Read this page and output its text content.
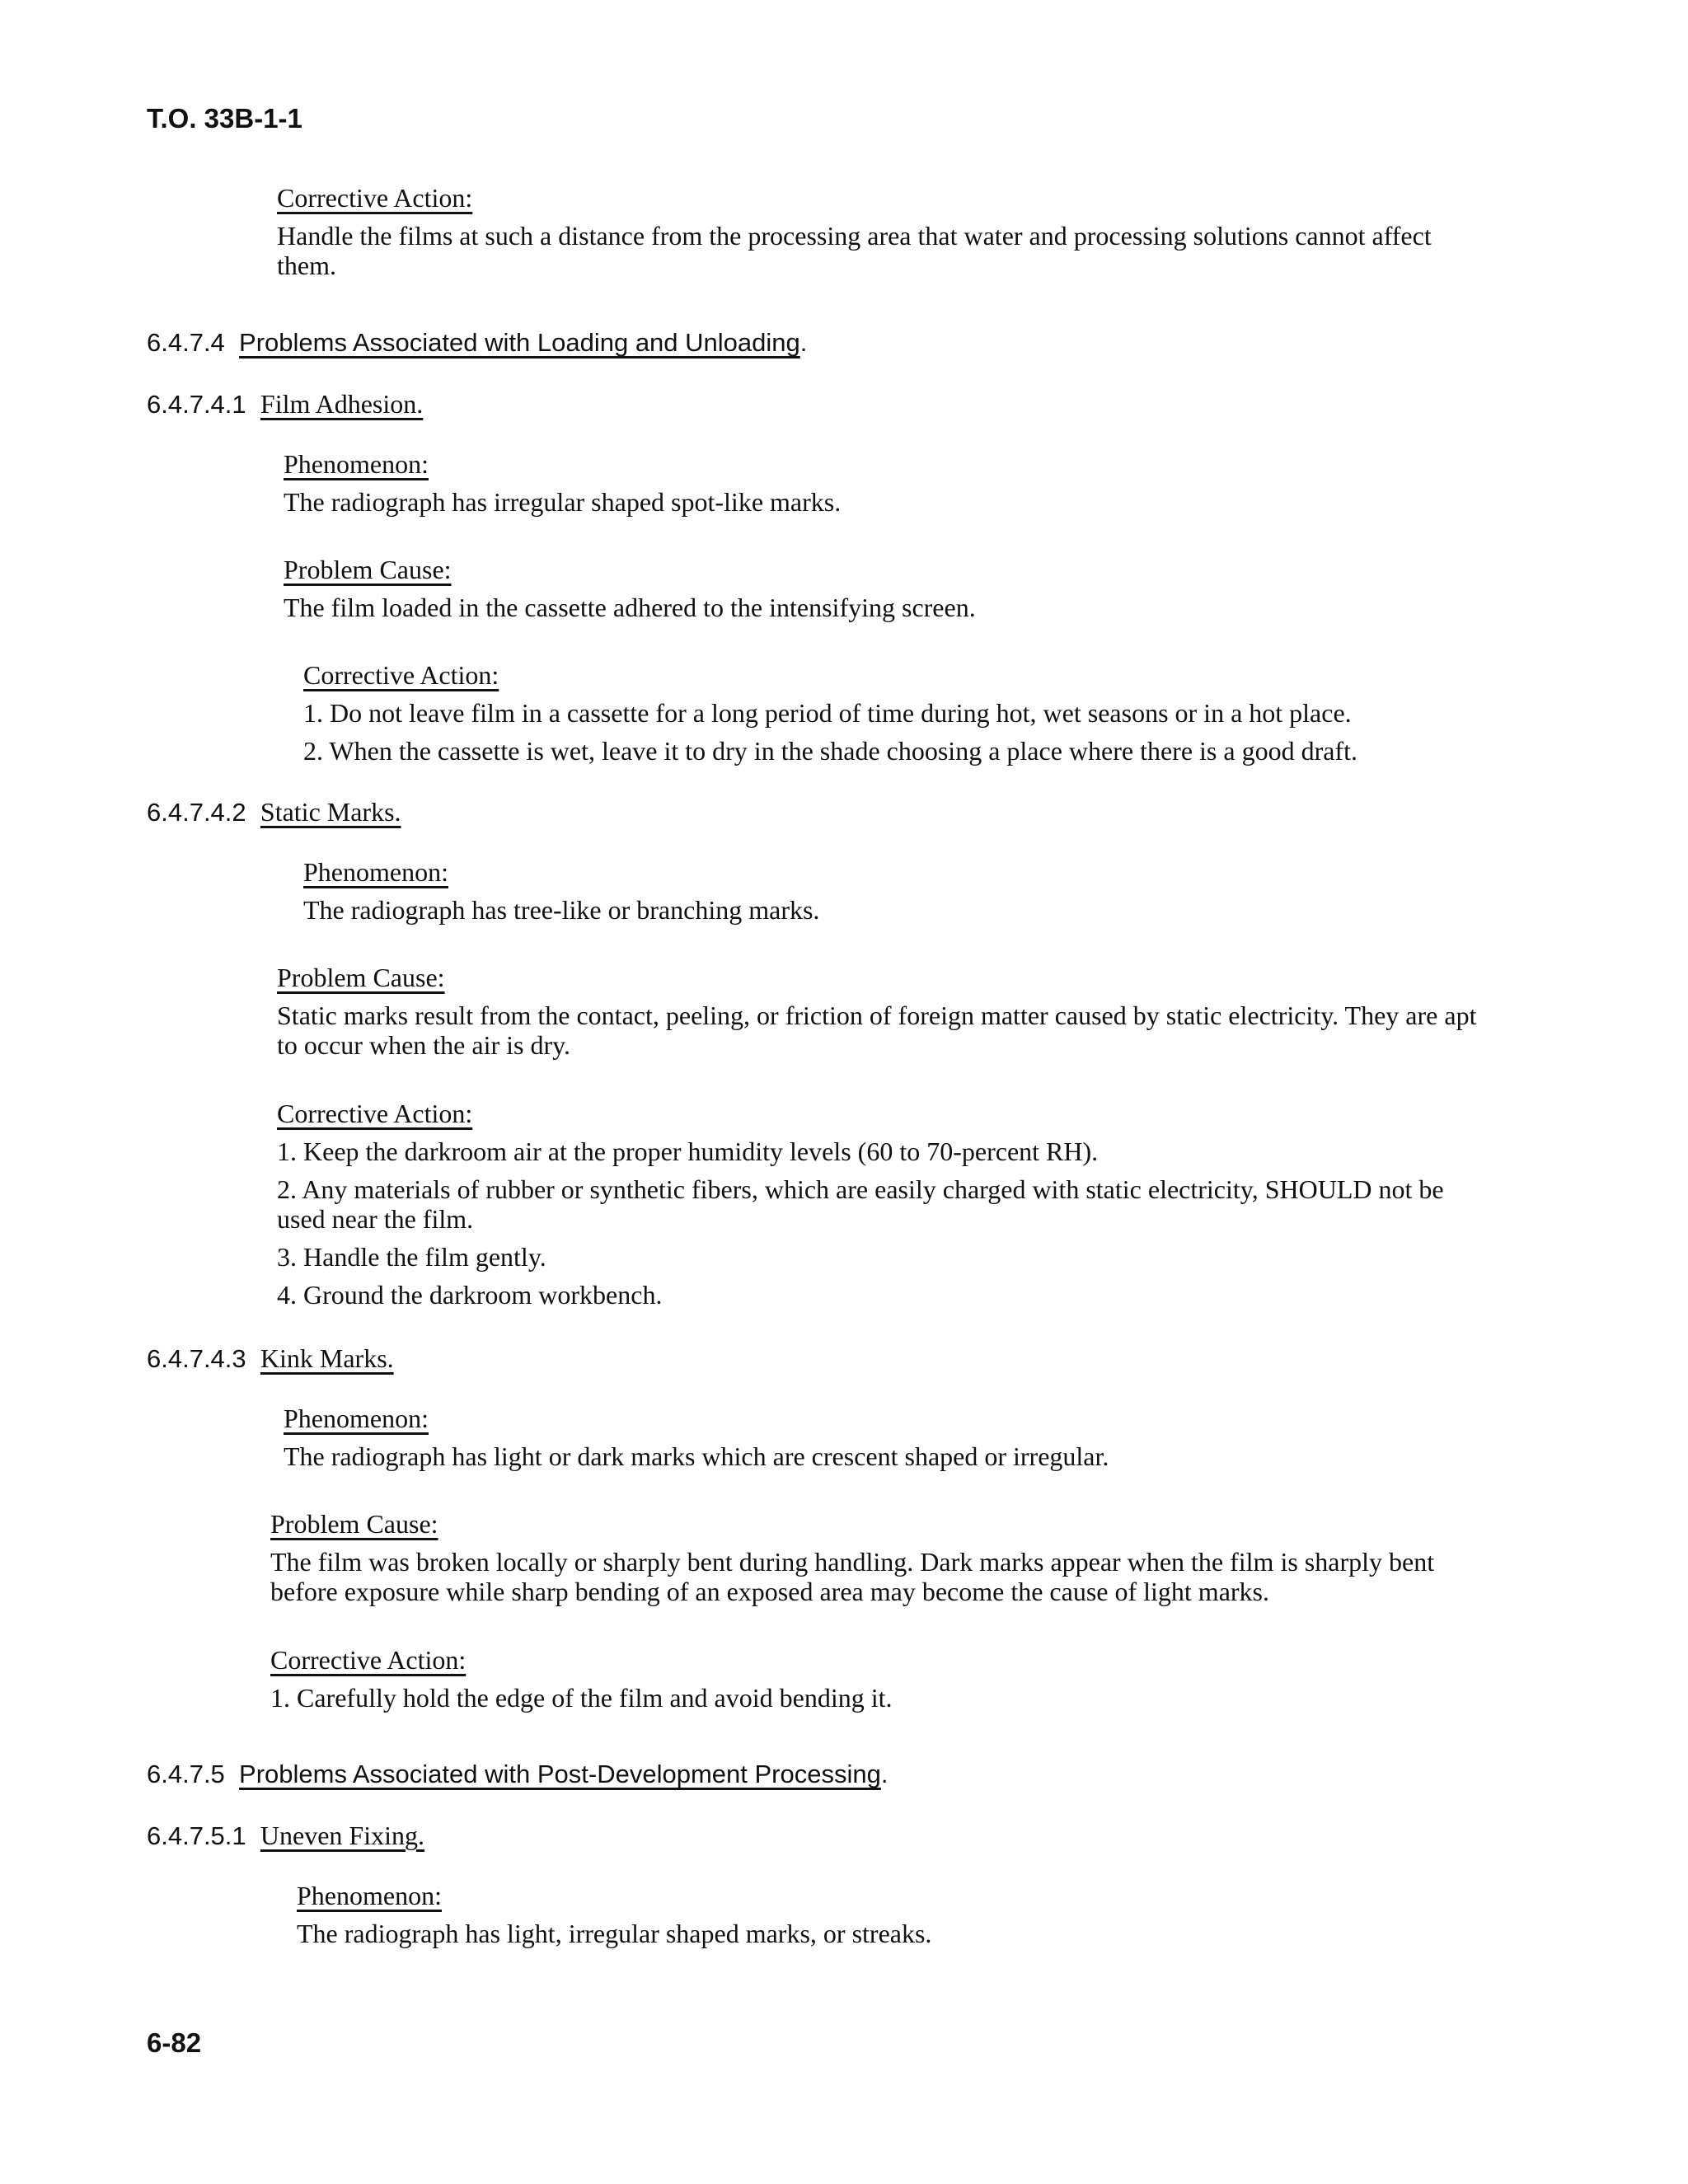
T.O. 33B-1-1
Corrective Action:
Handle the films at such a distance from the processing area that water and processing solutions cannot affect them.
6.4.7.4 Problems Associated with Loading and Unloading.
6.4.7.4.1 Film Adhesion.
Phenomenon:
The radiograph has irregular shaped spot-like marks.
Problem Cause:
The film loaded in the cassette adhered to the intensifying screen.
Corrective Action:
1. Do not leave film in a cassette for a long period of time during hot, wet seasons or in a hot place.
2. When the cassette is wet, leave it to dry in the shade choosing a place where there is a good draft.
6.4.7.4.2 Static Marks.
Phenomenon:
The radiograph has tree-like or branching marks.
Problem Cause:
Static marks result from the contact, peeling, or friction of foreign matter caused by static electricity. They are apt to occur when the air is dry.
Corrective Action:
1. Keep the darkroom air at the proper humidity levels (60 to 70-percent RH).
2. Any materials of rubber or synthetic fibers, which are easily charged with static electricity, SHOULD not be used near the film.
3. Handle the film gently.
4. Ground the darkroom workbench.
6.4.7.4.3 Kink Marks.
Phenomenon:
The radiograph has light or dark marks which are crescent shaped or irregular.
Problem Cause:
The film was broken locally or sharply bent during handling. Dark marks appear when the film is sharply bent before exposure while sharp bending of an exposed area may become the cause of light marks.
Corrective Action:
1. Carefully hold the edge of the film and avoid bending it.
6.4.7.5 Problems Associated with Post-Development Processing.
6.4.7.5.1 Uneven Fixing.
Phenomenon:
The radiograph has light, irregular shaped marks, or streaks.
6-82
